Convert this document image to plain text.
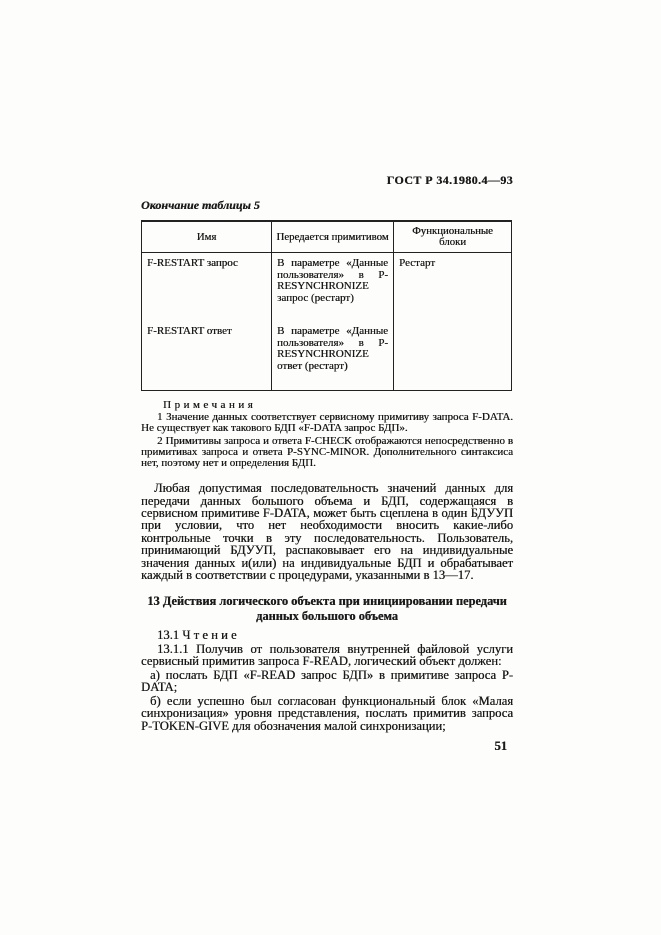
ГОСТ Р 34.1980.4—93
Окончание таблицы 5
Имя	Передается примитивом	Функциональные блоки
F-RESTART запрос	В параметре «Данные пользователя» в P-RESYNCHRONIZE запрос (рестарт)	Рестарт
F-RESTART ответ	В параметре «Данные пользователя» в P-RESYNCHRONIZE ответ (рестарт)	
Примечания

1 Значение данных соответствует сервисному примитиву запроса F-DATA. Не существует как такового БДП «F-DATA запрос БДП».

2 Примитивы запроса и ответа F-CHECK отображаются непосредственно в примитивах запроса и ответа P-SYNC-MINOR. Дополнительного синтаксиса нет, поэтому нет и определения БДП.

Любая допустимая последовательность значений данных для передачи данных большого объема и БДП, содержащаяся в сервисном примитиве F-DATA, может быть сцеплена в один БДУУП при условии, что нет необходимости вносить какие-либо контрольные точки в эту последовательность. Пользователь, принимающий БДУУП, распаковывает его на индивидуальные значения данных и(или) на индивидуальные БДП и обрабатывает каждый в соответствии с процедурами, указанными в 13—17.

13 Действия логического объекта при инициировании передачи
данных большого объема

13.1 Чтение

13.1.1 Получив от пользователя внутренней файловой услуги сервисный примитив запроса F-READ, логический объект должен:

а) послать БДП «F-READ запрос БДП» в примитиве запроса P-DATA;

б) если успешно был согласован функциональный блок «Малая синхронизация» уровня представления, послать примитив запроса P-TOKEN-GIVE для обозначения малой синхронизации;

51
